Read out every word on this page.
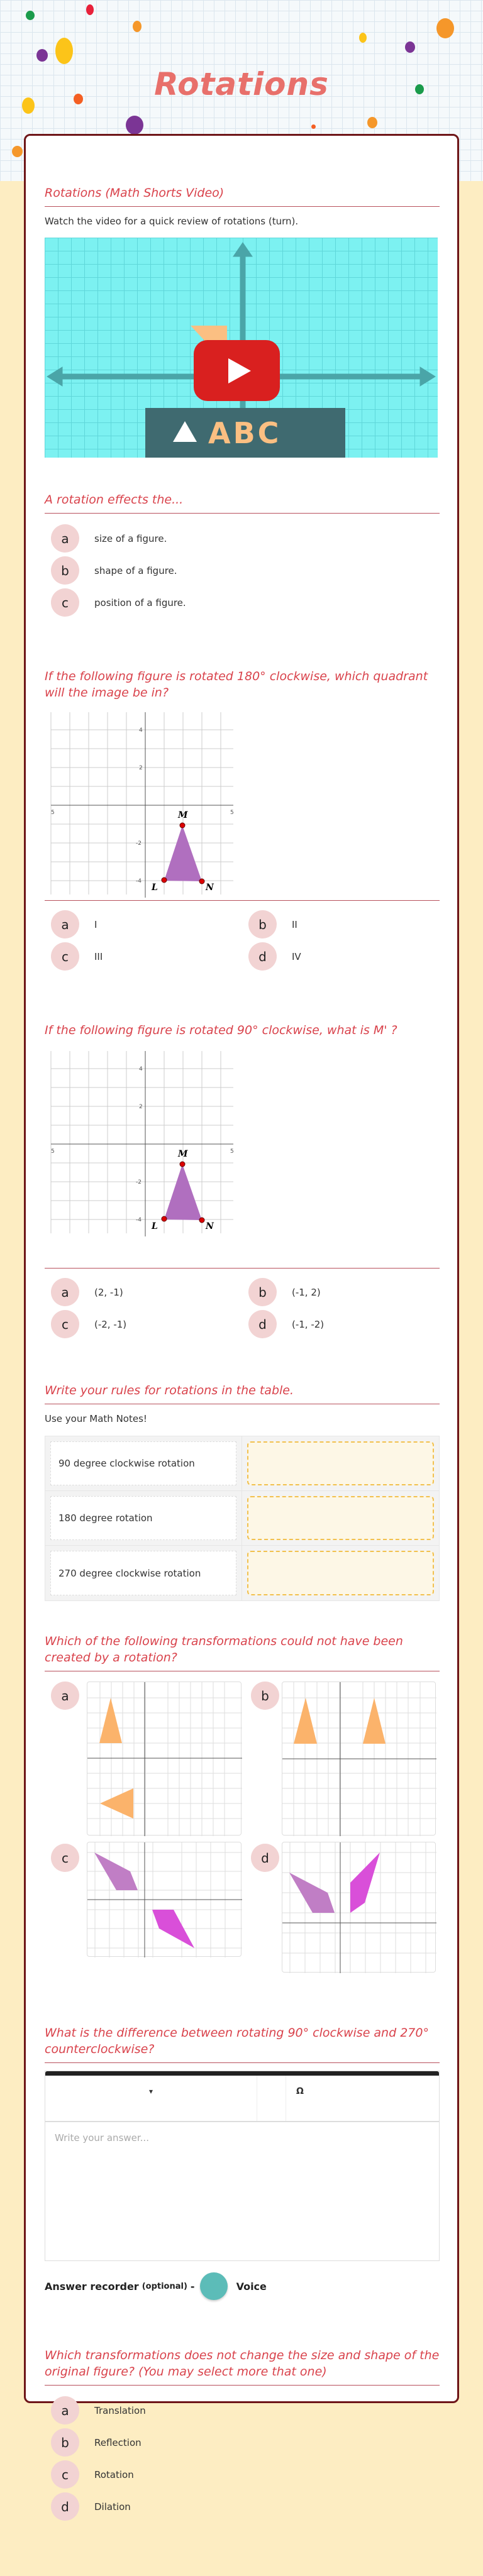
Rotations
Rotations (Math Shorts Video)
Watch the video for a quick review of rotations (turn).
A rotation effects the...
a	size of a figure.
b	shape of a figure.
c	position of a figure.
If the following figure is rotated 180° clockwise, which quadrant will the image be in?
M
L	N
4
2
-2
-4
5	5
a	I	b	II
c	III	d	IV
If the following figure is rotated 90° clockwise, what is M' ?
M
L	N
4
2
-2
-4
5	5
a	(2, -1)	b	(-1, 2)
c	(-2, -1)	d	(-1, -2)
Write your rules for rotations in the table.
Use your Math Notes!
90 degree clockwise rotation
180 degree rotation
270 degree clockwise rotation
Which of the following transformations could not have been created by a rotation?
a	b
c	d
What is the difference between rotating 90° clockwise and 270° counterclockwise?
▾	Ω
Write your answer...
Answer recorder (optional) -	Voice
Which transformations does not change the size and shape of the original figure? (You may select more that one)
a	Translation
b	Reflection
c	Rotation
d	Dilation
ABC
